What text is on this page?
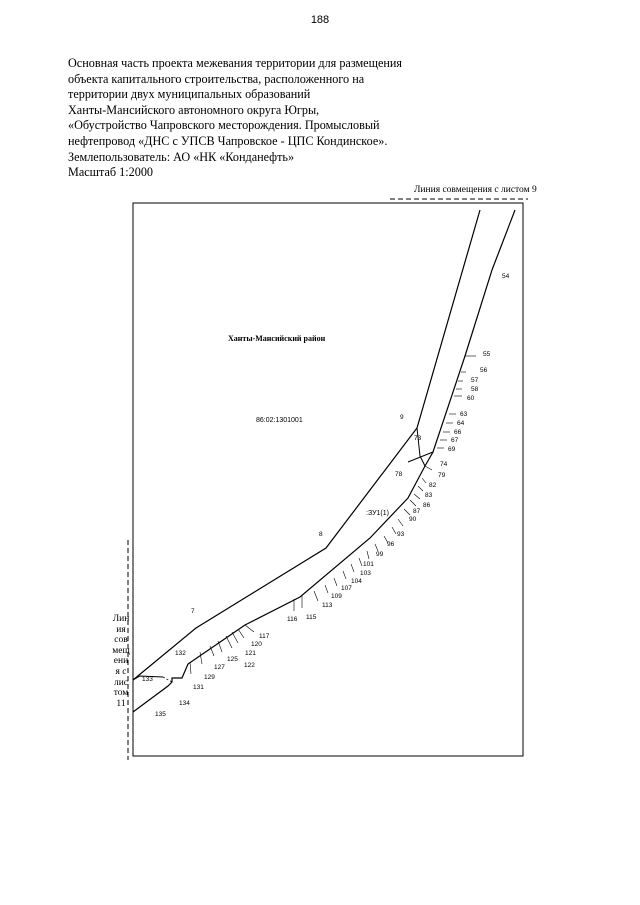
188
Основная часть проекта межевания территории для размещения
объекта капитального строительства, расположенного на
территории двух муниципальных образований
Ханты-Мансийского автономного округа Югры,
«Обустройство Чапровского месторождения. Промысловый
нефтепровод «ДНС с УПСВ Чапровское - ЦПС Кондинское».
Землепользователь: АО «НК «Конданефть»
Масштаб 1:2000
Линия совмещения с листом 9
Лин
ия
сов
мещ
ени
я с
лис
том
11
Ханты-Мансийский район
86:02:1301001
:ЗУ1(1)
7
8
9
54
55
56
57
58
60
63
64
66
67
69
73
74
78	79
82
83
86
87
90
93
96
99
101
103
104
107
109
113
115
116
117
120
121
122
125
127
129
131
132
133
134
135
